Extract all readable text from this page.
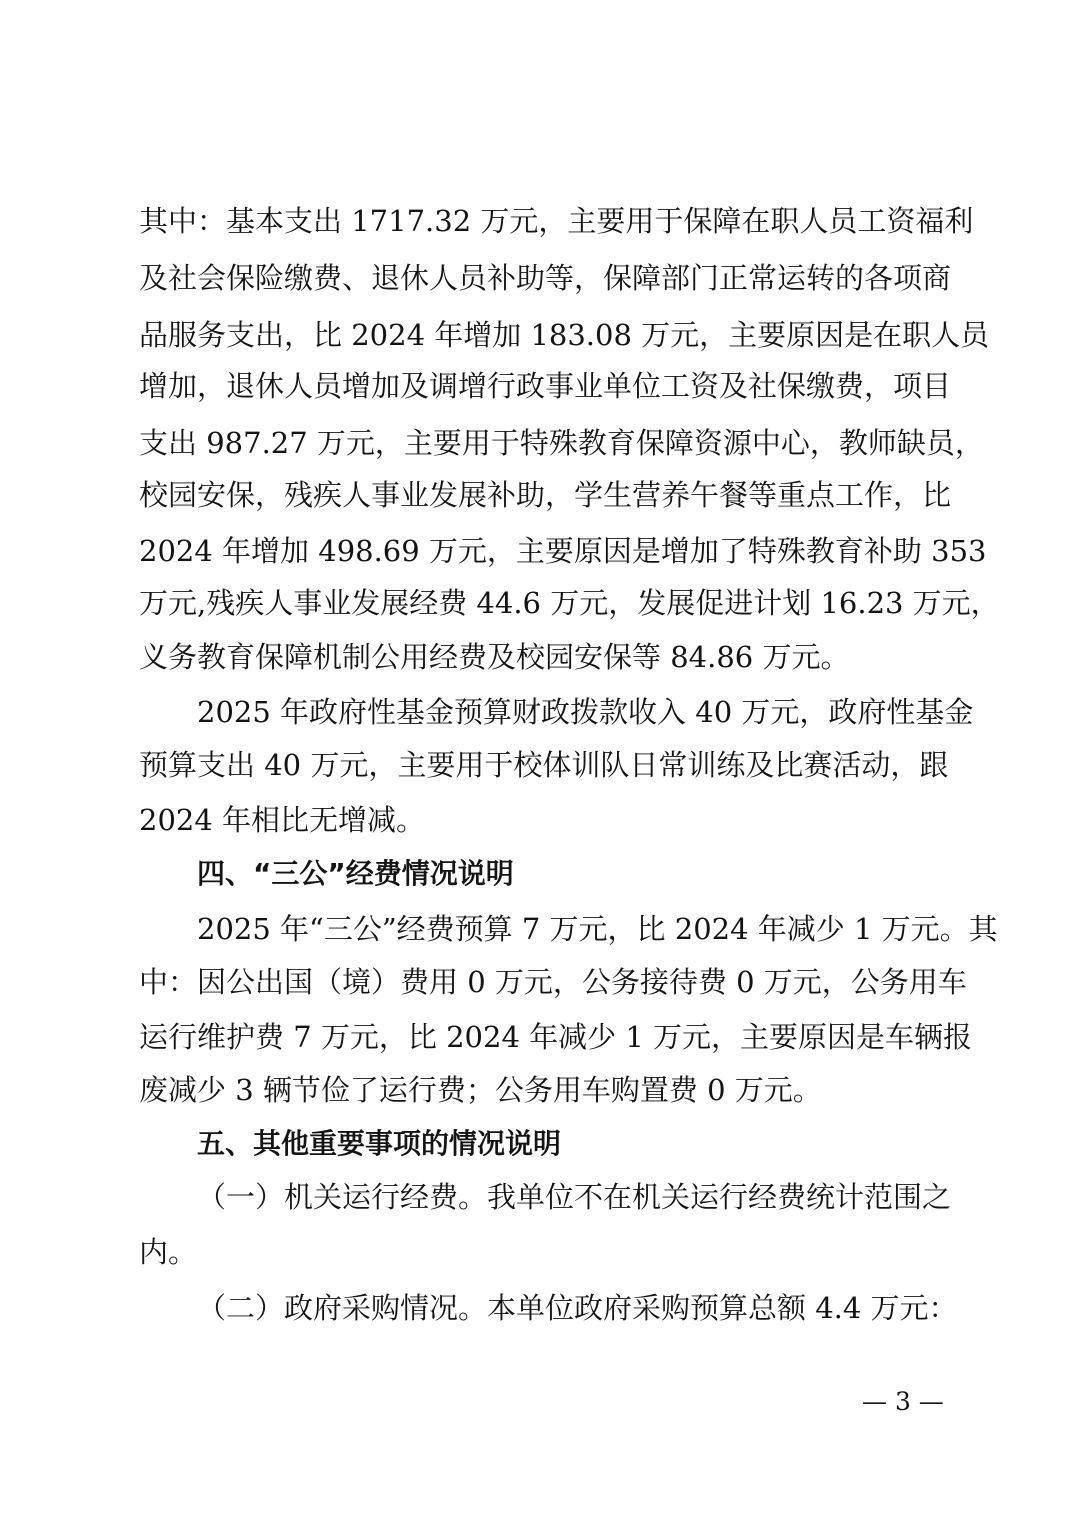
其中：基本支出 1717.32 万元，主要用于保障在职人员工资福利
及社会保险缴费、退休人员补助等，保障部门正常运转的各项商
品服务支出，比 2024 年增加 183.08 万元，主要原因是在职人员
增加，退休人员增加及调增行政事业单位工资及社保缴费，项目
支出 987.27 万元，主要用于特殊教育保障资源中心，教师缺员，
校园安保，残疾人事业发展补助，学生营养午餐等重点工作，比
2024 年增加 498.69 万元，主要原因是增加了特殊教育补助 353
万元,残疾人事业发展经费 44.6 万元，发展促进计划 16.23 万元，
义务教育保障机制公用经费及校园安保等 84.86 万元。
2025 年政府性基金预算财政拨款收入 40 万元，政府性基金
预算支出 40 万元，主要用于校体训队日常训练及比赛活动，跟
2024 年相比无增减。
四、“三公”经费情况说明
2025 年“三公”经费预算 7 万元，比 2024 年减少 1 万元。其
中：因公出国（境）费用 0 万元，公务接待费 0 万元，公务用车
运行维护费 7 万元，比 2024 年减少 1 万元，主要原因是车辆报
废减少 3 辆节俭了运行费；公务用车购置费 0 万元。
五、其他重要事项的情况说明
（一）机关运行经费。我单位不在机关运行经费统计范围之
内。
（二）政府采购情况。本单位政府采购预算总额 4.4 万元：
— 3 —
